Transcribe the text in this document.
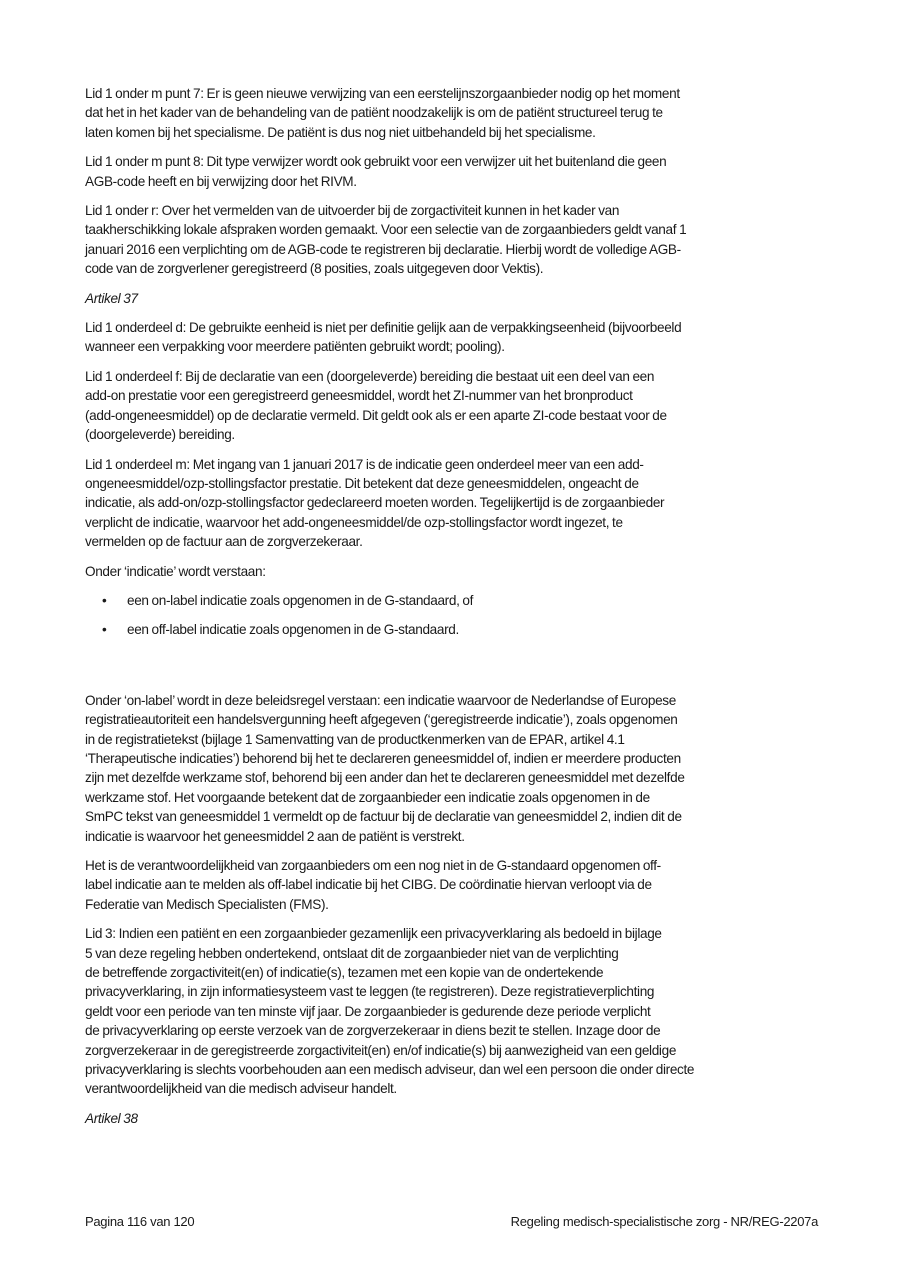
Lid 1 onder m punt 7: Er is geen nieuwe verwijzing van een eerstelijnszorgaanbieder nodig op het moment
dat het in het kader van de behandeling van de patiënt noodzakelijk is om de patiënt structureel terug te
laten komen bij het specialisme. De patiënt is dus nog niet uitbehandeld bij het specialisme.

Lid 1 onder m punt 8: Dit type verwijzer wordt ook gebruikt voor een verwijzer uit het buitenland die geen
AGB-code heeft en bij verwijzing door het RIVM.

Lid 1 onder r: Over het vermelden van de uitvoerder bij de zorgactiviteit kunnen in het kader van
taakherschikking lokale afspraken worden gemaakt. Voor een selectie van de zorgaanbieders geldt vanaf 1
januari 2016 een verplichting om de AGB-code te registreren bij declaratie. Hierbij wordt de volledige AGB-
code van de zorgverlener geregistreerd (8 posities, zoals uitgegeven door Vektis).

Artikel 37

Lid 1 onderdeel d: De gebruikte eenheid is niet per definitie gelijk aan de verpakkingseenheid (bijvoorbeeld
wanneer een verpakking voor meerdere patiënten gebruikt wordt; pooling).

Lid 1 onderdeel f: Bij de declaratie van een (doorgeleverde) bereiding die bestaat uit een deel van een
add-on prestatie voor een geregistreerd geneesmiddel, wordt het ZI-nummer van het bronproduct
(add-ongeneesmiddel) op de declaratie vermeld. Dit geldt ook als er een aparte ZI-code bestaat voor de
(doorgeleverde) bereiding.

Lid 1 onderdeel m: Met ingang van 1 januari 2017 is de indicatie geen onderdeel meer van een add-
ongeneesmiddel/ozp-stollingsfactor prestatie. Dit betekent dat deze geneesmiddelen, ongeacht de
indicatie, als add-on/ozp-stollingsfactor gedeclareerd moeten worden. Tegelijkertijd is de zorgaanbieder
verplicht de indicatie, waarvoor het add-ongeneesmiddel/de ozp-stollingsfactor wordt ingezet, te
vermelden op de factuur aan de zorgverzekeraar.

Onder ‘indicatie’ wordt verstaan:

• een on-label indicatie zoals opgenomen in de G-standaard, of
• een off-label indicatie zoals opgenomen in de G-standaard.

Onder ‘on-label’ wordt in deze beleidsregel verstaan: een indicatie waarvoor de Nederlandse of Europese
registratieautoriteit een handelsvergunning heeft afgegeven (‘geregistreerde indicatie’), zoals opgenomen
in de registratietekst (bijlage 1 Samenvatting van de productkenmerken van de EPAR, artikel 4.1
‘Therapeutische indicaties’) behorend bij het te declareren geneesmiddel of, indien er meerdere producten
zijn met dezelfde werkzame stof, behorend bij een ander dan het te declareren geneesmiddel met dezelfde
werkzame stof. Het voorgaande betekent dat de zorgaanbieder een indicatie zoals opgenomen in de
SmPC tekst van geneesmiddel 1 vermeldt op de factuur bij de declaratie van geneesmiddel 2, indien dit de
indicatie is waarvoor het geneesmiddel 2 aan de patiënt is verstrekt.

Het is de verantwoordelijkheid van zorgaanbieders om een nog niet in de G-standaard opgenomen off-
label indicatie aan te melden als off-label indicatie bij het CIBG. De coördinatie hiervan verloopt via de
Federatie van Medisch Specialisten (FMS).

Lid 3: Indien een patiënt en een zorgaanbieder gezamenlijk een privacyverklaring als bedoeld in bijlage
5 van deze regeling hebben ondertekend, ontslaat dit de zorgaanbieder niet van de verplichting
de betreffende zorgactiviteit(en) of indicatie(s), tezamen met een kopie van de ondertekende
privacyverklaring, in zijn informatiesysteem vast te leggen (te registreren). Deze registratieverplichting
geldt voor een periode van ten minste vijf jaar. De zorgaanbieder is gedurende deze periode verplicht
de privacyverklaring op eerste verzoek van de zorgverzekeraar in diens bezit te stellen. Inzage door de
zorgverzekeraar in de geregistreerde zorgactiviteit(en) en/of indicatie(s) bij aanwezigheid van een geldige
privacyverklaring is slechts voorbehouden aan een medisch adviseur, dan wel een persoon die onder directe
verantwoordelijkheid van die medisch adviseur handelt.

Artikel 38

Pagina 116 van 120	Regeling medisch-specialistische zorg - NR/REG-2207a
